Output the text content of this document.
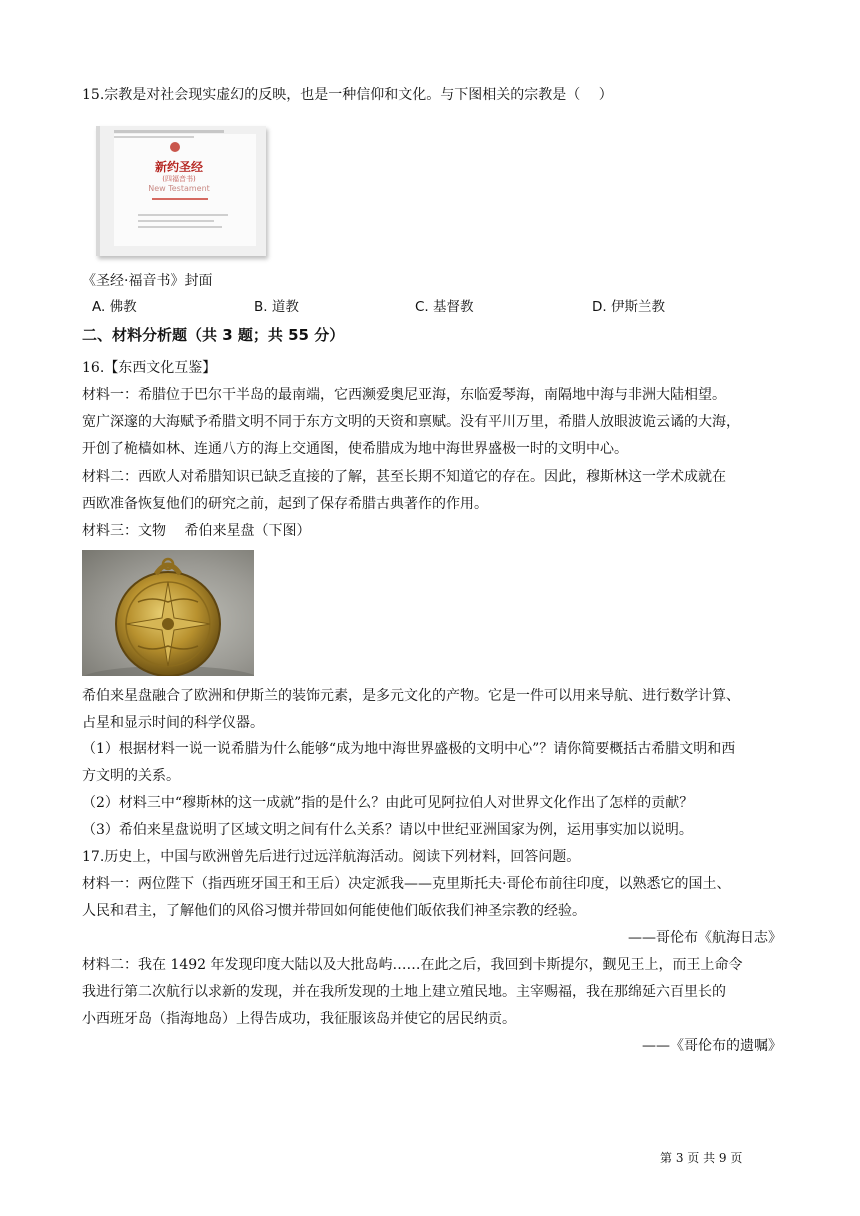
15.宗教是对社会现实虚幻的反映，也是一种信仰和文化。与下图相关的宗教是（　 ）
新约圣经
(四福音书)
New Testament
《圣经·福音书》封面
A. 佛教	B. 道教	C. 基督教	D. 伊斯兰教
二、材料分析题（共 3 题；共 55 分）
16.【东西文化互鉴】
材料一：希腊位于巴尔干半岛的最南端，它西濒爱奥尼亚海，东临爱琴海，南隔地中海与非洲大陆相望。
宽广深邃的大海赋予希腊文明不同于东方文明的天资和禀赋。没有平川万里，希腊人放眼波诡云谲的大海，
开创了桅樯如林、连通八方的海上交通图，使希腊成为地中海世界盛极一时的文明中心。
材料二：西欧人对希腊知识已缺乏直接的了解，甚至长期不知道它的存在。因此，穆斯林这一学术成就在
西欧准备恢复他们的研究之前，起到了保存希腊古典著作的作用。
材料三：文物　 希伯来星盘（下图）
希伯来星盘融合了欧洲和伊斯兰的装饰元素，是多元文化的产物。它是一件可以用来导航、进行数学计算、
占星和显示时间的科学仪器。
（1）根据材料一说一说希腊为什么能够“成为地中海世界盛极的文明中心”？请你简要概括古希腊文明和西
方文明的关系。
（2）材料三中“穆斯林的这一成就”指的是什么？由此可见阿拉伯人对世界文化作出了怎样的贡献？
（3）希伯来星盘说明了区域文明之间有什么关系？请以中世纪亚洲国家为例，运用事实加以说明。
17.历史上，中国与欧洲曾先后进行过远洋航海活动。阅读下列材料，回答问题。
材料一：两位陛下（指西班牙国王和王后）决定派我——克里斯托夫·哥伦布前往印度，以熟悉它的国土、
人民和君主，了解他们的风俗习惯并带回如何能使他们皈依我们神圣宗教的经验。
——哥伦布《航海日志》
材料二：我在 1492 年发现印度大陆以及大批岛屿……在此之后，我回到卡斯提尔，觐见王上，而王上命令
我进行第二次航行以求新的发现，并在我所发现的土地上建立殖民地。主宰赐福，我在那绵延六百里长的
小西班牙岛（指海地岛）上得告成功，我征服该岛并使它的居民纳贡。
——《哥伦布的遗嘱》
第 3 页 共 9 页
